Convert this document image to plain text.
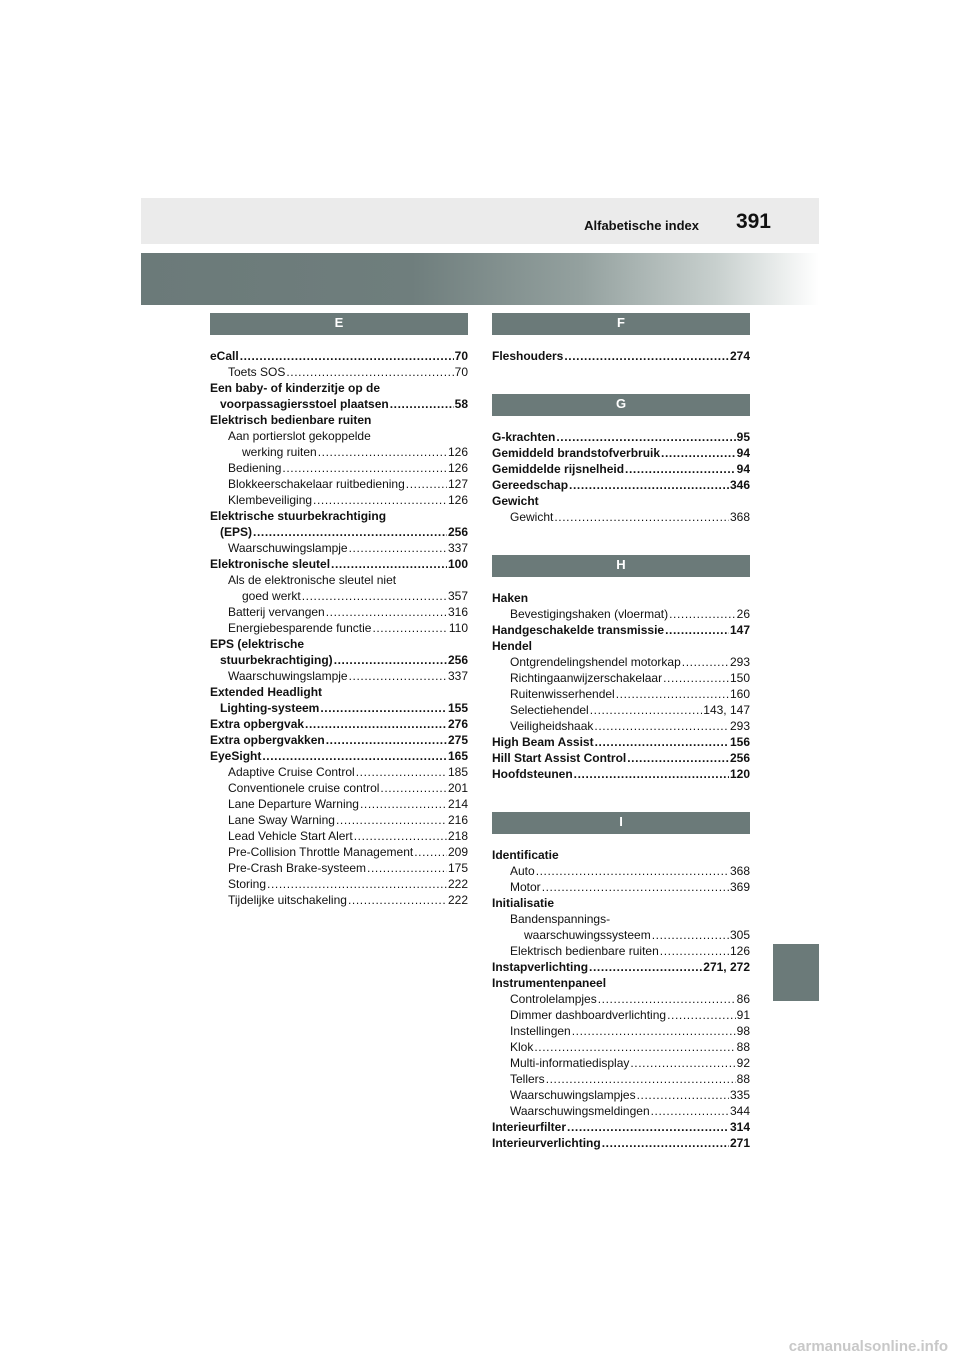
Alfabetische index 391
E
eCall .....	70
Toets SOS .....	70
Een baby- of kinderzitje op de
voorpassagiersstoel plaatsen .....	58
Elektrisch bedienbare ruiten
Aan portierslot gekoppelde
werking ruiten .....	126
Bediening .....	126
Blokkeerschakelaar ruitbediening .....	127
Klembeveiliging .....	126
Elektrische stuurbekrachtiging
(EPS) .....	256
Waarschuwingslampje .....	337
Elektronische sleutel .....	100
Als de elektronische sleutel niet
goed werkt .....	357
Batterij vervangen .....	316
Energiebesparende functie .....	110
EPS (elektrische
stuurbekrachtiging) .....	256
Waarschuwingslampje .....	337
Extended Headlight
Lighting-systeem .....	155
Extra opbergvak .....	276
Extra opbergvakken .....	275
EyeSight .....	165
Adaptive Cruise Control .....	185
Conventionele cruise control .....	201
Lane Departure Warning .....	214
Lane Sway Warning .....	216
Lead Vehicle Start Alert .....	218
Pre-Collision Throttle Management .....	209
Pre-Crash Brake-systeem .....	175
Storing .....	222
Tijdelijke uitschakeling .....	222
F
Fleshouders .....	274
G
G-krachten .....	95
Gemiddeld brandstofverbruik .....	94
Gemiddelde rijsnelheid .....	94
Gereedschap .....	346
Gewicht
Gewicht .....	368
H
Haken
Bevestigingshaken (vloermat) .....	26
Handgeschakelde transmissie .....	147
Hendel
Ontgrendelingshendel motorkap .....	293
Richtingaanwijzerschakelaar .....	150
Ruitenwisserhendel .....	160
Selectiehendel .....	143, 147
Veiligheidshaak .....	293
High Beam Assist .....	156
Hill Start Assist Control .....	256
Hoofdsteunen .....	120
I
Identificatie
Auto .....	368
Motor .....	369
Initialisatie
Bandenspannings-
waarschuwingssysteem .....	305
Elektrisch bedienbare ruiten .....	126
Instapverlichting .....	271, 272
Instrumentenpaneel
Controlelampjes .....	86
Dimmer dashboardverlichting .....	91
Instellingen .....	98
Klok .....	88
Multi-informatiedisplay .....	92
Tellers .....	88
Waarschuwingslampjes .....	335
Waarschuwingsmeldingen .....	344
Interieurfilter .....	314
Interieurverlichting .....	271
carmanualsonline.info
